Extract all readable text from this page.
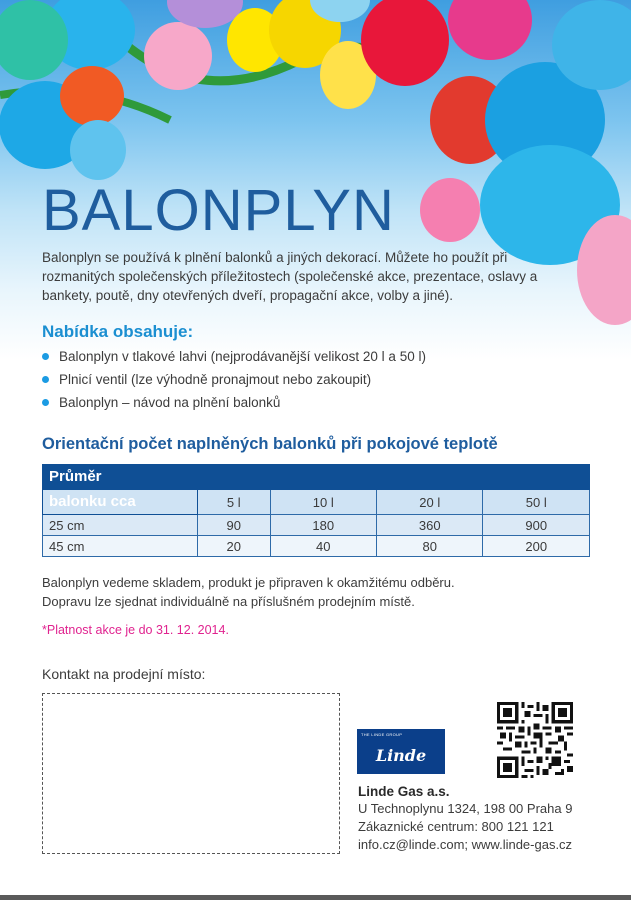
BALONPLYN

Balonplyn se používá k plnění balonků a jiných dekorací. Můžete ho použít při rozmanitých společenských příležitostech (společenské akce, prezentace, oslavy a bankety, poutě, dny otevřených dveří, propagační akce, volby a jiné).

Nabídka obsahuje:
Balonplyn v tlakové lahvi (nejprodávanější velikost 20 l a 50 l)
Plnicí ventil (lze výhodně pronajmout nebo zakoupit)
Balonplyn – návod na plnění balonků
Orientační počet naplněných balonků při pokojové teplotě
Průměr				
balonku cca	5 l	10 l	20 l	50 l
25 cm	90	180	360	900
45 cm	20	40	80	200

Balonplyn vedeme skladem, produkt je připraven k okamžitému odběru.
Dopravu lze sjednat individuálně na příslušném prodejním místě.

*Platnost akce je do 31. 12. 2014.

Kontakt na prodejní místo:

THE LINDE GROUP
Linde

Linde Gas a.s.

U Technoplynu 1324, 198 00 Praha 9
Zákaznické centrum: 800 121 121
info.cz@linde.com; www.linde-gas.cz
